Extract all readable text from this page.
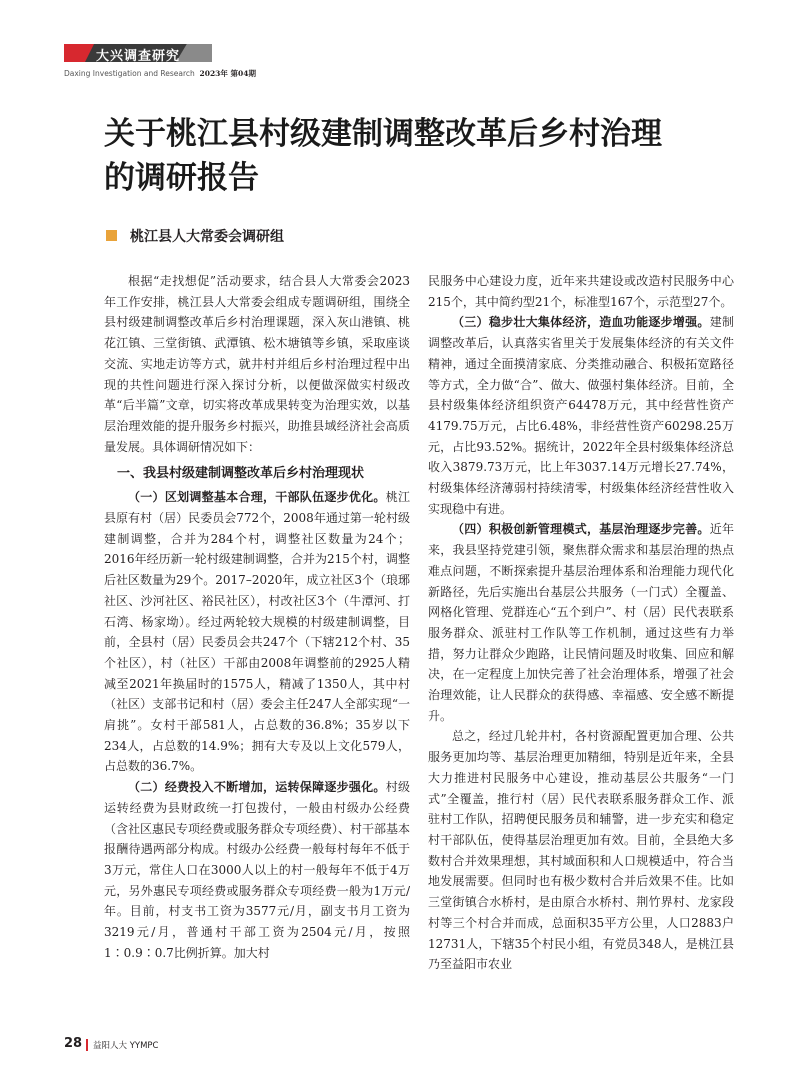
大兴调查研究
Daxing Investigation and Research 2023年 第04期
关于桃江县村级建制调整改革后乡村治理
的调研报告
桃江县人大常委会调研组

根据“走找想促”活动要求，结合县人大常委会2023年工作安排，桃江县人大常委会组成专题调研组，围绕全县村级建制调整改革后乡村治理课题，深入灰山港镇、桃花江镇、三堂街镇、武潭镇、松木塘镇等乡镇，采取座谈交流、实地走访等方式，就井村并组后乡村治理过程中出现的共性问题进行深入探讨分析，以便做深做实村级改革“后半篇”文章，切实将改革成果转变为治理实效，以基层治理效能的提升服务乡村振兴，助推县域经济社会高质量发展。具体调研情况如下：

一、我县村级建制调整改革后乡村治理现状

（一）区划调整基本合理，干部队伍逐步优化。桃江县原有村（居）民委员会772个，2008年通过第一轮村级建制调整，合并为284个村，调整社区数量为24个；2016年经历新一轮村级建制调整，合并为215个村，调整后社区数量为29个。2017–2020年，成立社区3个（琅琊社区、沙河社区、裕民社区），村改社区3个（牛潭河、打石湾、杨家坳）。经过两轮较大规模的村级建制调整，目前，全县村（居）民委员会共247个（下辖212个村、35个社区），村（社区）干部由2008年调整前的2925人精减至2021年换届时的1575人，精减了1350人，其中村（社区）支部书记和村（居）委会主任247人全部实现“一肩挑”。女村干部581人，占总数的36.8%；35岁以下234人，占总数的14.9%；拥有大专及以上文化579人，占总数的36.7%。

（二）经费投入不断增加，运转保障逐步强化。村级运转经费为县财政统一打包拨付，一般由村级办公经费（含社区惠民专项经费或服务群众专项经费）、村干部基本报酬待遇两部分构成。村级办公经费一般每村每年不低于3万元，常住人口在3000人以上的村一般每年不低于4万元，另外惠民专项经费或服务群众专项经费一般为1万元/年。目前，村支书工资为3577元/月，副支书月工资为3219元/月，普通村干部工资为2504元/月，按照1∶0.9∶0.7比例折算。加大村

民服务中心建设力度，近年来共建设或改造村民服务中心215个，其中简约型21个，标准型167个，示范型27个。

（三）稳步壮大集体经济，造血功能逐步增强。建制调整改革后，认真落实省里关于发展集体经济的有关文件精神，通过全面摸清家底、分类推动融合、积极拓宽路径等方式，全力做“合”、做大、做强村集体经济。目前，全县村级集体经济组织资产64478万元，其中经营性资产4179.75万元，占比6.48%，非经营性资产60298.25万元，占比93.52%。据统计，2022年全县村级集体经济总收入3879.73万元，比上年3037.14万元增长27.74%，村级集体经济薄弱村持续清零，村级集体经济经营性收入实现稳中有进。

（四）积极创新管理模式，基层治理逐步完善。近年来，我县坚持党建引领，聚焦群众需求和基层治理的热点难点问题，不断探索提升基层治理体系和治理能力现代化新路径，先后实施出台基层公共服务（一门式）全覆盖、网格化管理、党群连心“五个到户”、村（居）民代表联系服务群众、派驻村工作队等工作机制，通过这些有力举措，努力让群众少跑路，让民情问题及时收集、回应和解决，在一定程度上加快完善了社会治理体系，增强了社会治理效能，让人民群众的获得感、幸福感、安全感不断提升。

总之，经过几轮井村，各村资源配置更加合理、公共服务更加均等、基层治理更加精细，特别是近年来，全县大力推进村民服务中心建设，推动基层公共服务“一门式”全覆盖，推行村（居）民代表联系服务群众工作、派驻村工作队，招聘便民服务员和辅警，进一步充实和稳定村干部队伍，使得基层治理更加有效。目前，全县绝大多数村合并效果理想，其村域面积和人口规模适中，符合当地发展需要。但同时也有极少数村合并后效果不佳。比如三堂街镇合水桥村，是由原合水桥村、荆竹界村、龙家段村等三个村合并而成，总面积35平方公里，人口2883户12731人，下辖35个村民小组，有党员348人，是桃江县乃至益阳市农业

28 益阳人大 YYMPC
